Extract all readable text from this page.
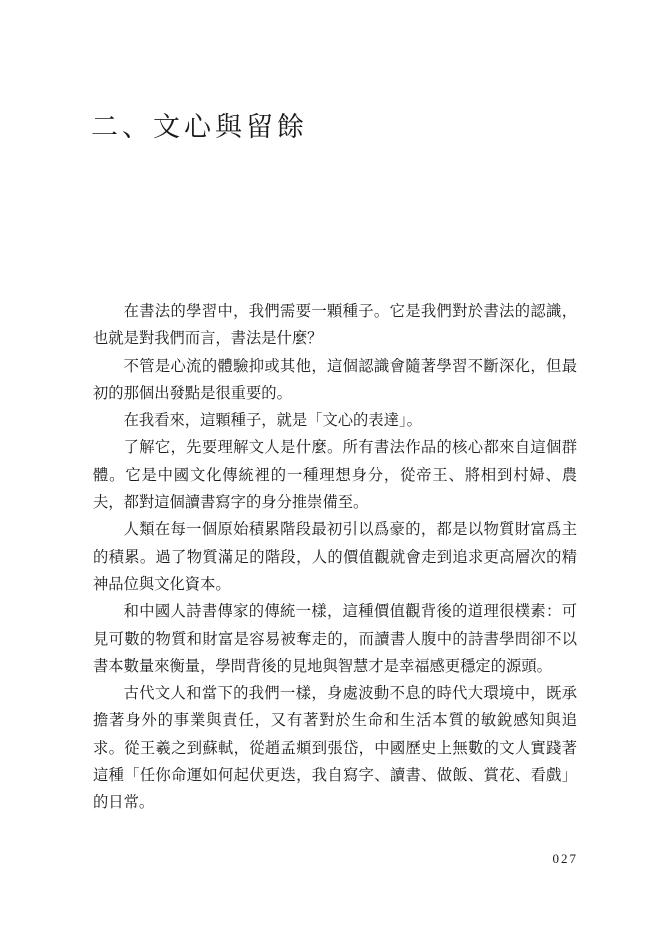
二、文心與留餘

在書法的學習中，我們需要一顆種子。它是我們對於書法的認識，也就是對我們而言，書法是什麼？

不管是心流的體驗抑或其他，這個認識會隨著學習不斷深化，但最初的那個出發點是很重要的。

在我看來，這顆種子，就是「文心的表達」。

了解它，先要理解文人是什麼。所有書法作品的核心都來自這個群體。它是中國文化傳統裡的一種理想身分，從帝王、將相到村婦、農夫，都對這個讀書寫字的身分推崇備至。

人類在每一個原始積累階段最初引以爲豪的，都是以物質財富爲主的積累。過了物質滿足的階段，人的價值觀就會走到追求更高層次的精神品位與文化資本。

和中國人詩書傳家的傳統一樣，這種價值觀背後的道理很樸素：可見可數的物質和財富是容易被奪走的，而讀書人腹中的詩書學問卻不以書本數量來衡量，學問背後的見地與智慧才是幸福感更穩定的源頭。

古代文人和當下的我們一樣，身處波動不息的時代大環境中，既承擔著身外的事業與責任，又有著對於生命和生活本質的敏銳感知與追求。從王羲之到蘇軾，從趙孟頫到張岱，中國歷史上無數的文人實踐著這種「任你命運如何起伏更迭，我自寫字、讀書、做飯、賞花、看戲」的日常。

027
